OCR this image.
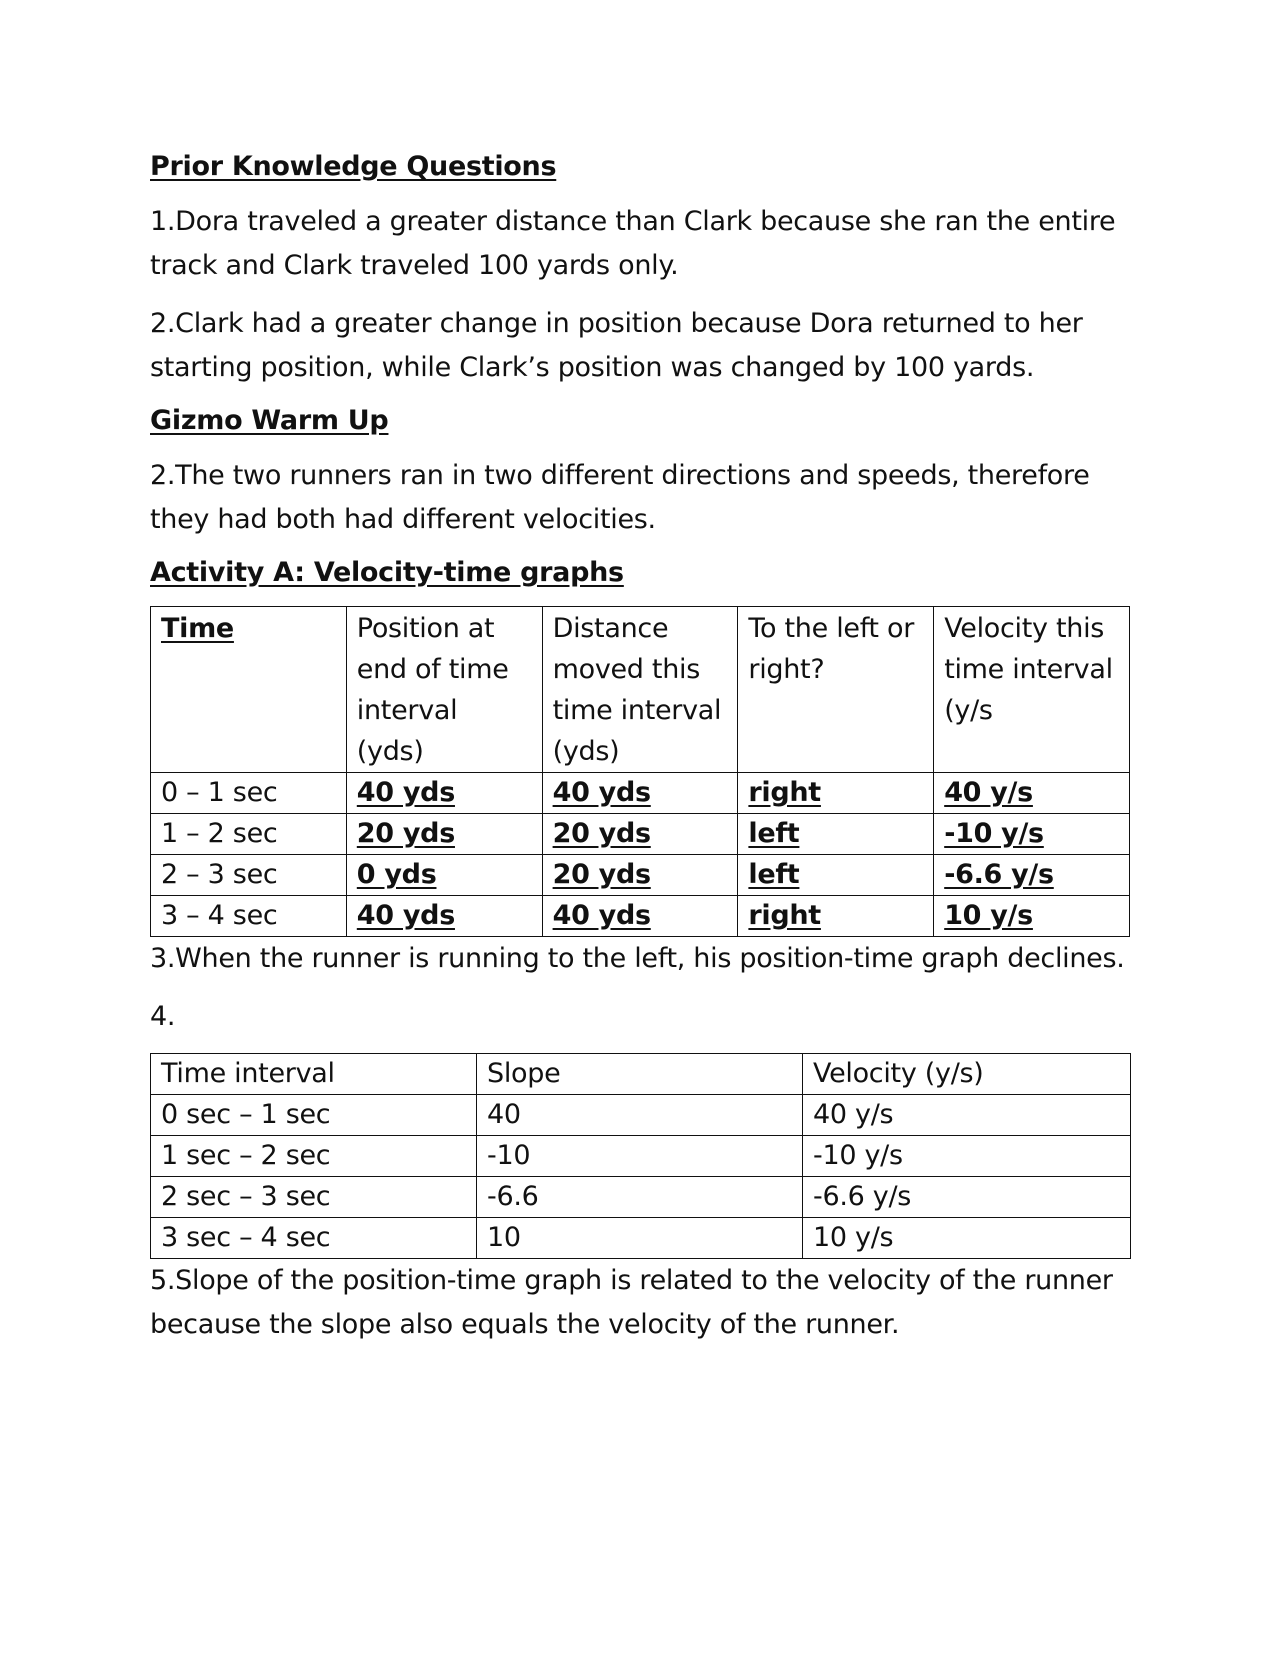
Prior Knowledge Questions

1.Dora traveled a greater distance than Clark because she ran the entire track and Clark traveled 100 yards only.

2.Clark had a greater change in position because Dora returned to her starting position, while Clark’s position was changed by 100 yards.

Gizmo Warm Up

2.The two runners ran in two different directions and speeds, therefore they had both had different velocities.

Activity A: Velocity-time graphs
Time	Position at end of time interval (yds)	Distance moved this time interval (yds)	To the left or right?	Velocity this time interval (y/s
0 – 1 sec	40 yds	40 yds	right	40 y/s
1 – 2 sec	20 yds	20 yds	left	-10 y/s
2 – 3 sec	0 yds	20 yds	left	-6.6 y/s
3 – 4 sec	40 yds	40 yds	right	10 y/s

3.When the runner is running to the left, his position-time graph declines.

4.

Time interval	Slope	Velocity (y/s)
0 sec – 1 sec	40	40 y/s
1 sec – 2 sec	-10	-10 y/s
2 sec – 3 sec	-6.6	-6.6 y/s
3 sec – 4 sec	10	10 y/s

5.Slope of the position-time graph is related to the velocity of the runner because the slope also equals the velocity of the runner.
